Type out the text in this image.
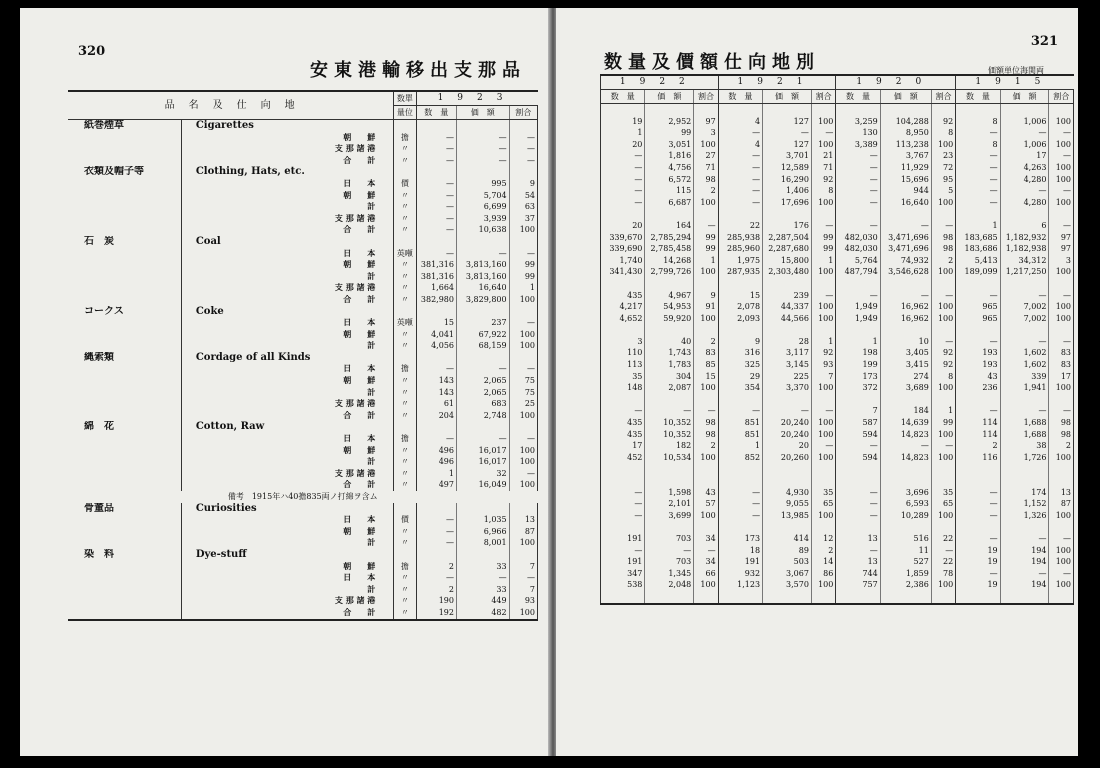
320
安東港輸移出支那品
品　名　及　仕　向　地		数單	1923		
		量位	数　量	価　額	割合
紙巻煙草	Cigarettes				
	朝　　鮮	擔	—	—	—
	支 那 諸 港	〃	—	—	—
	合　　計	〃	—	—	—
衣類及帽子等	Clothing, Hats, etc.				
	日　　本	價	—	995	9
	朝　　鮮	〃	—	5,704	54
	計	〃	—	6,699	63
	支 那 諸 港	〃	—	3,939	37
	合　　計	〃	—	10,638	100
石　炭	Coal				
	日　　本	英噸	—	—	—
	朝　　鮮	〃	381,316	3,813,160	99
	計	〃	381,316	3,813,160	99
	支 那 諸 港	〃	1,664	16,640	1
	合　　計	〃	382,980	3,829,800	100
コークス	Coke				
	日　　本	英噸	15	237	—
	朝　　鮮	〃	4,041	67,922	100
	計	〃	4,056	68,159	100
縄索類	Cordage of all Kinds				
	日　　本	擔	—	—	—
	朝　　鮮	〃	143	2,065	75
	計	〃	143	2,065	75
	支 那 諸 港	〃	61	683	25
	合　　計	〃	204	2,748	100
綿　花	Cotton, Raw				
	日　　本	擔	—	—	—
	朝　　鮮	〃	496	16,017	100
	計	〃	496	16,017	100
	支 那 諸 港	〃	1	32	—
	合　　計	〃	497	16,049	100
備考　1915年ハ40擔835両ノ打綿ヲ含ム					
骨董品	Curiosities				
	日　　本	價	—	1,035	13
	朝　　鮮	〃	—	6,966	87
	計	〃	—	8,001	100
染　料	Dye-stuff				
	朝　　鮮	擔	2	33	7
	日　　本	〃	—	—	—
	計	〃	2	33	7
	支 那 諸 港	〃	190	449	93
	合　　計	〃	192	482	100
数量及價額仕向地別
321
価額単位海関両
1922			1921			1920			1915		
数　量	価　額	割合	数　量	価　額	割合	数　量	価　額	割合	数　量	価　額	割合

19	2,952	97	4	127	100	3,259	104,288	92	8	1,006	100
1	99	3	—	—	—	130	8,950	8	—	—	—
20	3,051	100	4	127	100	3,389	113,238	100	8	1,006	100
—	1,816	27	—	3,701	21	—	3,767	23	—	17	—
—	4,756	71	—	12,589	71	—	11,929	72	—	4,263	100
—	6,572	98	—	16,290	92	—	15,696	95	—	4,280	100
—	115	2	—	1,406	8	—	944	5	—	—	—
—	6,687	100	—	17,696	100	—	16,640	100	—	4,280	100

20	164	—	22	176	—	—	—	—	1	6	—
339,670	2,785,294	99	285,938	2,287,504	99	482,030	3,471,696	98	183,685	1,182,932	97
339,690	2,785,458	99	285,960	2,287,680	99	482,030	3,471,696	98	183,686	1,182,938	97
1,740	14,268	1	1,975	15,800	1	5,764	74,932	2	5,413	34,312	3
341,430	2,799,726	100	287,935	2,303,480	100	487,794	3,546,628	100	189,099	1,217,250	100

435	4,967	9	15	239	—	—	—	—	—	—	—
4,217	54,953	91	2,078	44,337	100	1,949	16,962	100	965	7,002	100
4,652	59,920	100	2,093	44,566	100	1,949	16,962	100	965	7,002	100

3	40	2	9	28	1	1	10	—	—	—	—
110	1,743	83	316	3,117	92	198	3,405	92	193	1,602	83
113	1,783	85	325	3,145	93	199	3,415	92	193	1,602	83
35	304	15	29	225	7	173	274	8	43	339	17
148	2,087	100	354	3,370	100	372	3,689	100	236	1,941	100

—	—	—	—	—	—	7	184	1	—	—	—
435	10,352	98	851	20,240	100	587	14,639	99	114	1,688	98
435	10,352	98	851	20,240	100	594	14,823	100	114	1,688	98
17	182	2	1	20	—	—	—	—	2	38	2
452	10,534	100	852	20,260	100	594	14,823	100	116	1,726	100

—	1,598	43	—	4,930	35	—	3,696	35	—	174	13
—	2,101	57	—	9,055	65	—	6,593	65	—	1,152	87
—	3,699	100	—	13,985	100	—	10,289	100	—	1,326	100

191	703	34	173	414	12	13	516	22	—	—	—
—	—	—	18	89	2	—	11	—	19	194	100
191	703	34	191	503	14	13	527	22	19	194	100
347	1,345	66	932	3,067	86	744	1,859	78	—	—	—
538	2,048	100	1,123	3,570	100	757	2,386	100	19	194	100
